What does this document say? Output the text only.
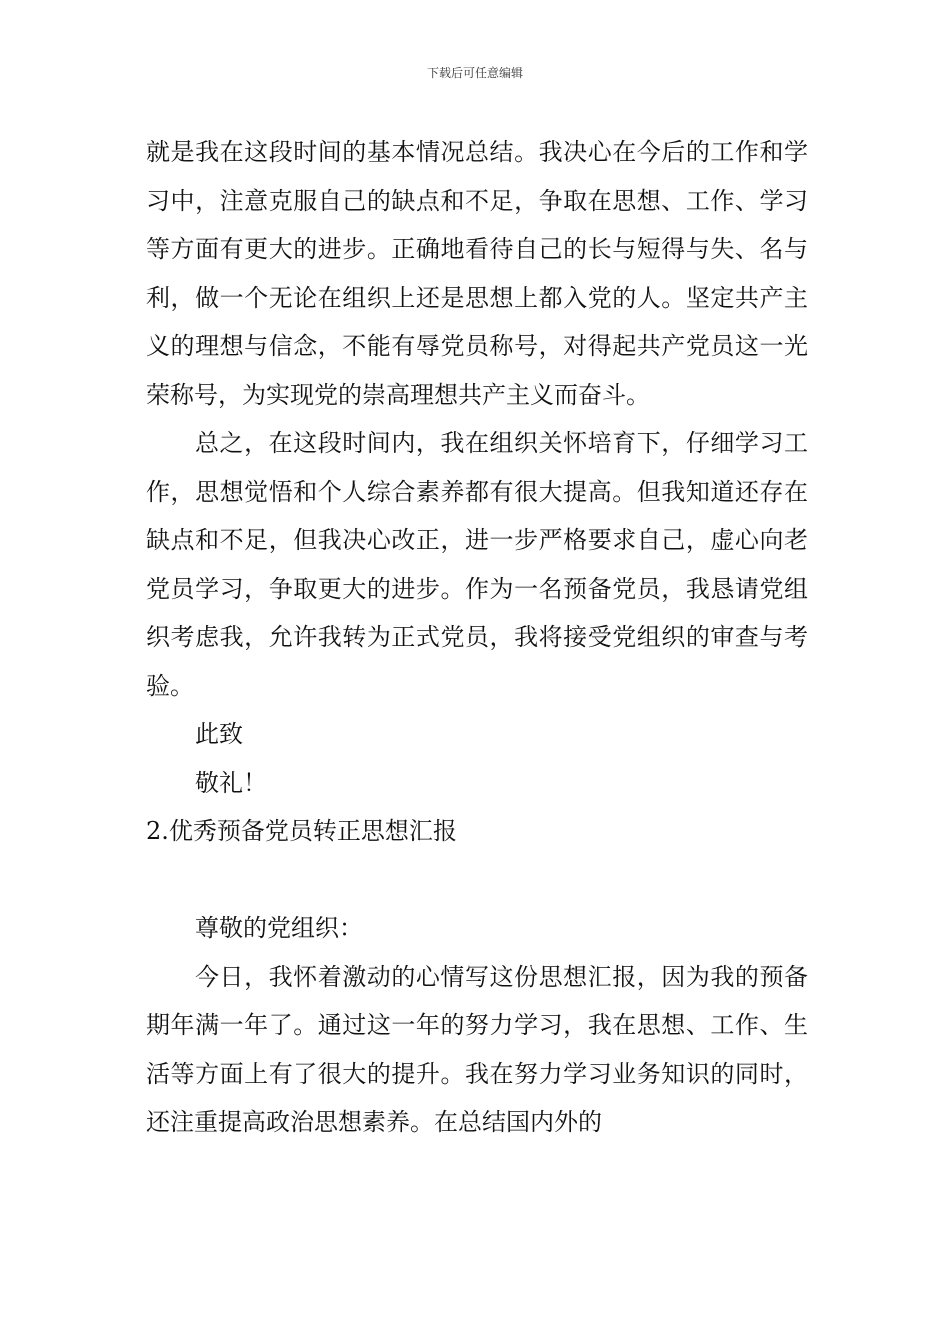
下载后可任意编辑

就是我在这段时间的基本情况总结。我决心在今后的工作和学习中，注意克服自己的缺点和不足，争取在思想、工作、学习等方面有更大的进步。正确地看待自己的长与短得与失、名与利，做一个无论在组织上还是思想上都入党的人。坚定共产主义的理想与信念，不能有辱党员称号，对得起共产党员这一光荣称号，为实现党的崇高理想共产主义而奋斗。

总之，在这段时间内，我在组织关怀培育下，仔细学习工作，思想觉悟和个人综合素养都有很大提高。但我知道还存在缺点和不足，但我决心改正，进一步严格要求自己，虚心向老党员学习，争取更大的进步。作为一名预备党员，我恳请党组织考虑我，允许我转为正式党员，我将接受党组织的审查与考验。

此致

敬礼！

2.优秀预备党员转正思想汇报

尊敬的党组织：

今日，我怀着激动的心情写这份思想汇报，因为我的预备期年满一年了。通过这一年的努力学习，我在思想、工作、生活等方面上有了很大的提升。我在努力学习业务知识的同时，还注重提高政治思想素养。在总结国内外的
